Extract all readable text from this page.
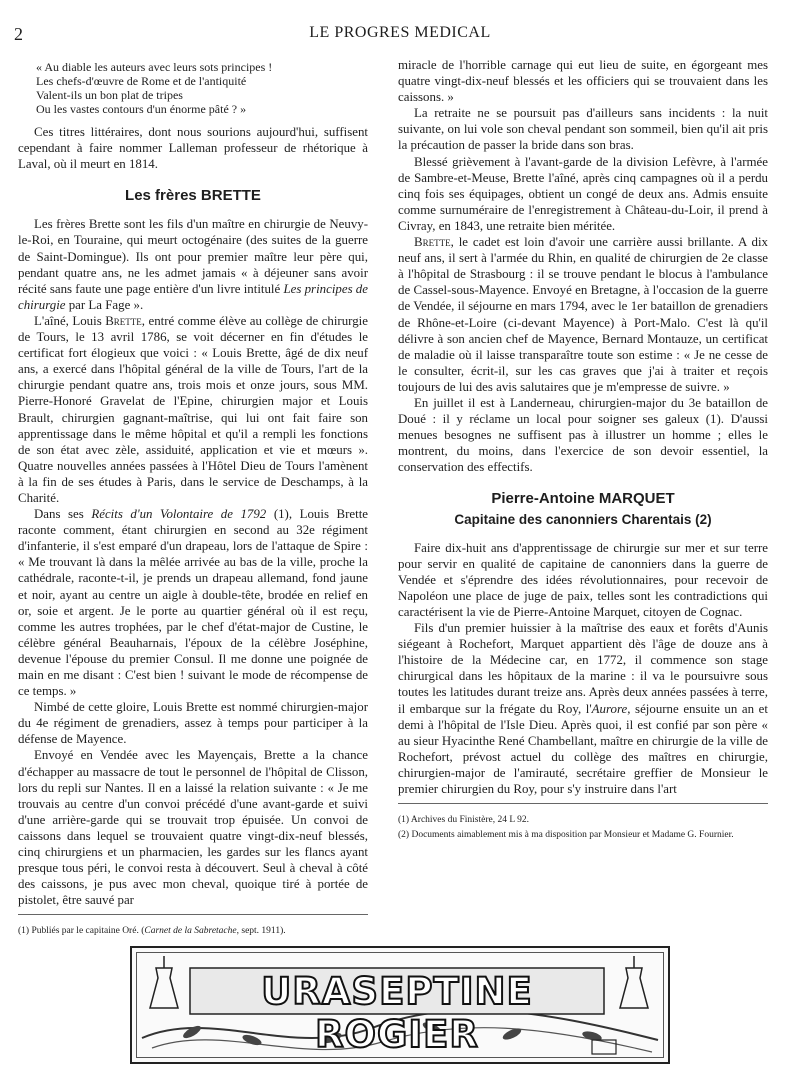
2	LE PROGRES MEDICAL
« Au diable les auteurs avec leurs sots principes !
Les chefs-d'œuvre de Rome et de l'antiquité
Valent-ils un bon plat de tripes
Ou les vastes contours d'un énorme pâté ? »

Ces titres littéraires, dont nous sourions aujourd'hui, suffisent cependant à faire nommer Lalleman professeur de rhétorique à Laval, où il meurt en 1814.

Les frères BRETTE

Les frères Brette sont les fils d'un maître en chirurgie de Neuvy-le-Roi, en Touraine, qui meurt octogénaire (des suites de la guerre de Saint-Domingue). Ils ont pour premier maître leur père qui, pendant quatre ans, ne les admet jamais « à déjeuner sans avoir récité sans faute une page entière d'un livre intitulé Les principes de chirurgie par La Fage ».

L'aîné, Louis Brette, entré comme élève au collège de chirurgie de Tours, le 13 avril 1786, se voit décerner en fin d'études le certificat fort élogieux que voici : « Louis Brette, âgé de dix neuf ans, a exercé dans l'hôpital général de la ville de Tours, l'art de la chirurgie pendant quatre ans, trois mois et onze jours, sous MM. Pierre-Honoré Gravelat de l'Epine, chirurgien major et Louis Brault, chirurgien gagnant-maîtrise, qui lui ont fait faire son apprentissage dans le même hôpital et qu'il a rempli les fonctions de son état avec zèle, assiduité, application et vie et mœurs ». Quatre nouvelles années passées à l'Hôtel Dieu de Tours l'amènent à la fin de ses études à Paris, dans le service de Deschamps, à la Charité.

Dans ses Récits d'un Volontaire de 1792 (1), Louis Brette raconte comment, étant chirurgien en second au 32e régiment d'infanterie, il s'est emparé d'un drapeau, lors de l'attaque de Spire : « Me trouvant là dans la mêlée arrivée au bas de la ville, proche la cathédrale, raconte-t-il, je prends un drapeau allemand, fond jaune et noir, ayant au centre un aigle à double-tête, brodée en relief en or, soie et argent. Je le porte au quartier général où il est reçu, comme les autres trophées, par le chef d'état-major de Custine, le célèbre général Beauharnais, l'époux de la célèbre Joséphine, devenue l'épouse du premier Consul. Il me donne une poignée de main en me disant : C'est bien ! suivant le mode de récompense de ce temps. »

Nimbé de cette gloire, Louis Brette est nommé chirurgien-major du 4e régiment de grenadiers, assez à temps pour participer à la défense de Mayence.

Envoyé en Vendée avec les Mayençais, Brette a la chance d'échapper au massacre de tout le personnel de l'hôpital de Clisson, lors du repli sur Nantes. Il en a laissé la relation suivante : « Je me trouvais au centre d'un convoi précédé d'une avant-garde et suivi d'une arrière-garde qui se trouvait trop épuisée. Un convoi de caissons dans lequel se trouvaient quatre vingt-dix-neuf blessés, cinq chirurgiens et un pharmacien, les gardes sur les flancs ayant presque tous péri, le convoi resta à découvert. Seul à cheval à côté des caissons, je pus avec mon cheval, quoique tiré à portée de pistolet, être sauvé par

(1) Publiés par le capitaine Oré. (Carnet de la Sabretache, sept. 1911).

miracle de l'horrible carnage qui eut lieu de suite, en égorgeant mes quatre vingt-dix-neuf blessés et les officiers qui se trouvaient dans les caissons. »

La retraite ne se poursuit pas d'ailleurs sans incidents : la nuit suivante, on lui vole son cheval pendant son sommeil, bien qu'il ait pris la précaution de passer la bride dans son bras.

Blessé grièvement à l'avant-garde de la division Lefèvre, à l'armée de Sambre-et-Meuse, Brette l'aîné, après cinq campagnes où il a perdu cinq fois ses équipages, obtient un congé de deux ans. Admis ensuite comme surnuméraire de l'enregistrement à Château-du-Loir, il prend à Civray, en 1843, une retraite bien méritée.

Brette, le cadet est loin d'avoir une carrière aussi brillante. A dix neuf ans, il sert à l'armée du Rhin, en qualité de chirurgien de 2e classe à l'hôpital de Strasbourg : il se trouve pendant le blocus à l'ambulance de Cassel-sous-Mayence. Envoyé en Bretagne, à l'occasion de la guerre de Vendée, il séjourne en mars 1794, avec le 1er bataillon de grenadiers de Rhône-et-Loire (ci-devant Mayence) à Port-Malo. C'est là qu'il délivre à son ancien chef de Mayence, Bernard Montauze, un certificat de maladie où il laisse transparaître toute son estime : « Je ne cesse de le consulter, écrit-il, sur les cas graves que j'ai à traiter et reçois toujours de lui des avis salutaires que je m'empresse de suivre. »

En juillet il est à Landerneau, chirurgien-major du 3e bataillon de Doué : il y réclame un local pour soigner ses galeux (1). D'aussi menues besognes ne suffisent pas à illustrer un homme ; elles le montrent, du moins, dans l'exercice de son devoir essentiel, la conservation des effectifs.

Pierre-Antoine MARQUET
Capitaine des canonniers Charentais (2)

Faire dix-huit ans d'apprentissage de chirurgie sur mer et sur terre pour servir en qualité de capitaine de canonniers dans la guerre de Vendée et s'éprendre des idées révolutionnaires, pour recevoir de Napoléon une place de juge de paix, telles sont les contradictions qui caractérisent la vie de Pierre-Antoine Marquet, citoyen de Cognac.

Fils d'un premier huissier à la maîtrise des eaux et forêts d'Aunis siégeant à Rochefort, Marquet appartient dès l'âge de douze ans à l'histoire de la Médecine car, en 1772, il commence son stage chirurgical dans les hôpitaux de la marine : il va le poursuivre sous toutes les latitudes durant treize ans. Après deux années passées à terre, il embarque sur la frégate du Roy, l'Aurore, séjourne ensuite un an et demi à l'hôpital de l'Isle Dieu. Après quoi, il est confié par son père « au sieur Hyacinthe René Chambellant, maître en chirurgie de la ville de Rochefort, prévost actuel du collège des maîtres en chirurgie, chirurgien-major de l'amirauté, secrétaire greffier de Monsieur le premier chirurgien du Roy, pour s'y instruire dans l'art

(1) Archives du Finistère, 24 L 92.
(2) Documents aimablement mis à ma disposition par Monsieur et Madame G. Fournier.
URASEPTINE ROGIER
